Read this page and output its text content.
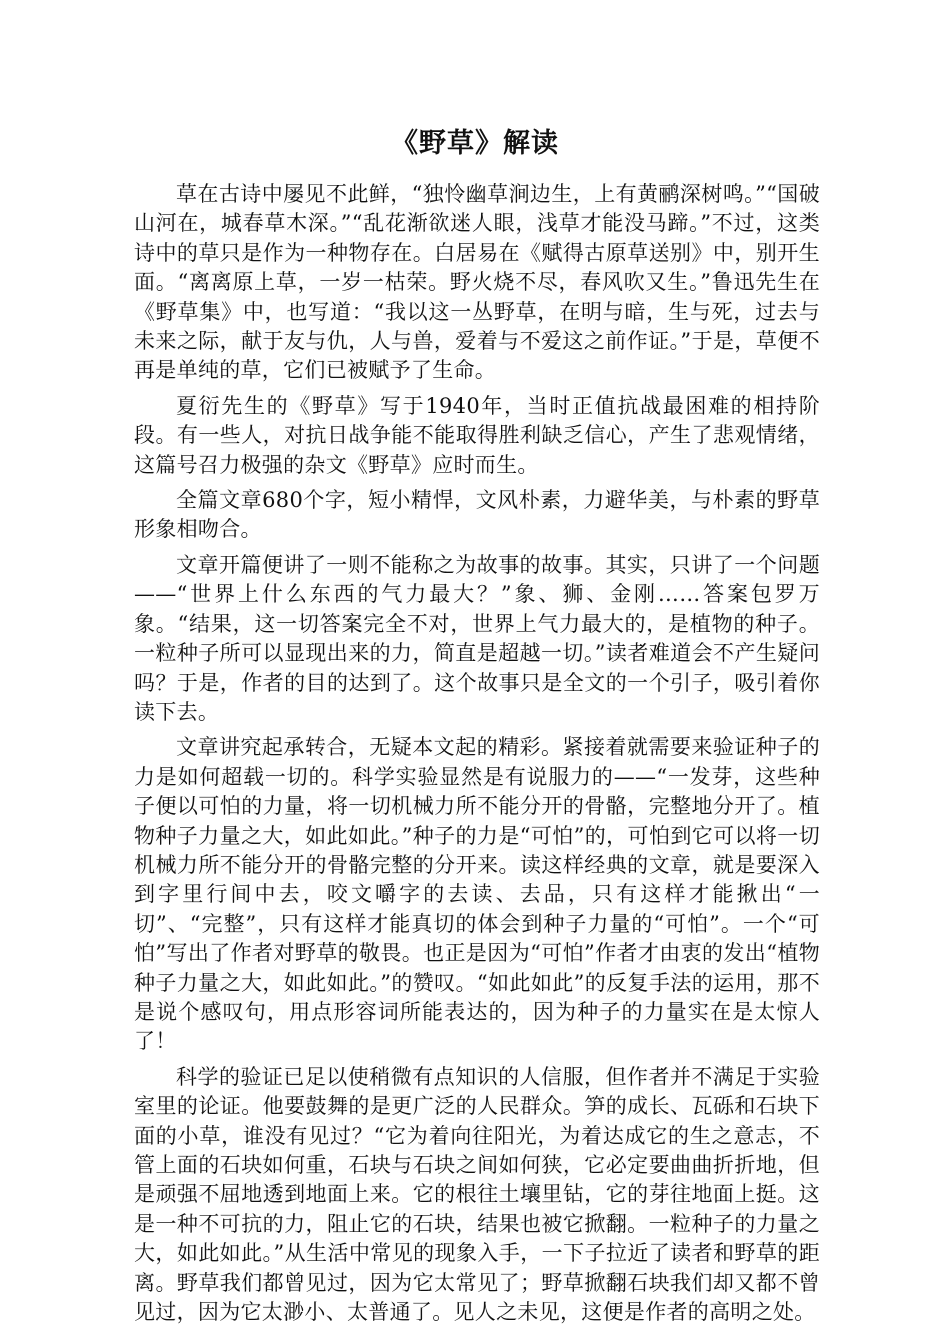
《野草》解读

草在古诗中屡见不此鲜，“独怜幽草涧边生，上有黄鹂深树鸣。”“国破山河在，城春草木深。”“乱花渐欲迷人眼，浅草才能没马蹄。”不过，这类诗中的草只是作为一种物存在。白居易在《赋得古原草送别》中，别开生面。“离离原上草，一岁一枯荣。野火烧不尽，春风吹又生。”鲁迅先生在《野草集》中，也写道：“我以这一丛野草，在明与暗，生与死，过去与未来之际，献于友与仇，人与兽，爱着与不爱这之前作证。”于是，草便不再是单纯的草，它们已被赋予了生命。

夏衍先生的《野草》写于1940年，当时正值抗战最困难的相持阶段。有一些人，对抗日战争能不能取得胜利缺乏信心，产生了悲观情绪，这篇号召力极强的杂文《野草》应时而生。

全篇文章680个字，短小精悍，文风朴素，力避华美，与朴素的野草形象相吻合。

文章开篇便讲了一则不能称之为故事的故事。其实，只讲了一个问题——“世界上什么东西的气力最大？”象、狮、金刚……答案包罗万象。“结果，这一切答案完全不对，世界上气力最大的，是植物的种子。一粒种子所可以显现出来的力，简直是超越一切。”读者难道会不产生疑问吗？于是，作者的目的达到了。这个故事只是全文的一个引子，吸引着你读下去。

文章讲究起承转合，无疑本文起的精彩。紧接着就需要来验证种子的力是如何超载一切的。科学实验显然是有说服力的——“一发芽，这些种子便以可怕的力量，将一切机械力所不能分开的骨骼，完整地分开了。植物种子力量之大，如此如此。”种子的力是“可怕”的，可怕到它可以将一切机械力所不能分开的骨骼完整的分开来。读这样经典的文章，就是要深入到字里行间中去，咬文嚼字的去读、去品，只有这样才能揪出“一切”、“完整”，只有这样才能真切的体会到种子力量的“可怕”。一个“可怕”写出了作者对野草的敬畏。也正是因为“可怕”作者才由衷的发出“植物种子力量之大，如此如此。”的赞叹。“如此如此”的反复手法的运用，那不是说个感叹句，用点形容词所能表达的，因为种子的力量实在是太惊人了！

科学的验证已足以使稍微有点知识的人信服，但作者并不满足于实验室里的论证。他要鼓舞的是更广泛的人民群众。笋的成长、瓦砾和石块下面的小草，谁没有见过？“它为着向往阳光，为着达成它的生之意志，不管上面的石块如何重，石块与石块之间如何狭，它必定要曲曲折折地，但是顽强不屈地透到地面上来。它的根往土壤里钻，它的芽往地面上挺。这是一种不可抗的力，阻止它的石块，结果也被它掀翻。一粒种子的力量之大，如此如此。”从生活中常见的现象入手，一下子拉近了读者和野草的距离。野草我们都曾见过，因为它太常见了；野草掀翻石块我们却又都不曾见过，因为它太渺小、太普通了。见人之未见，这便是作者的高明之处。
